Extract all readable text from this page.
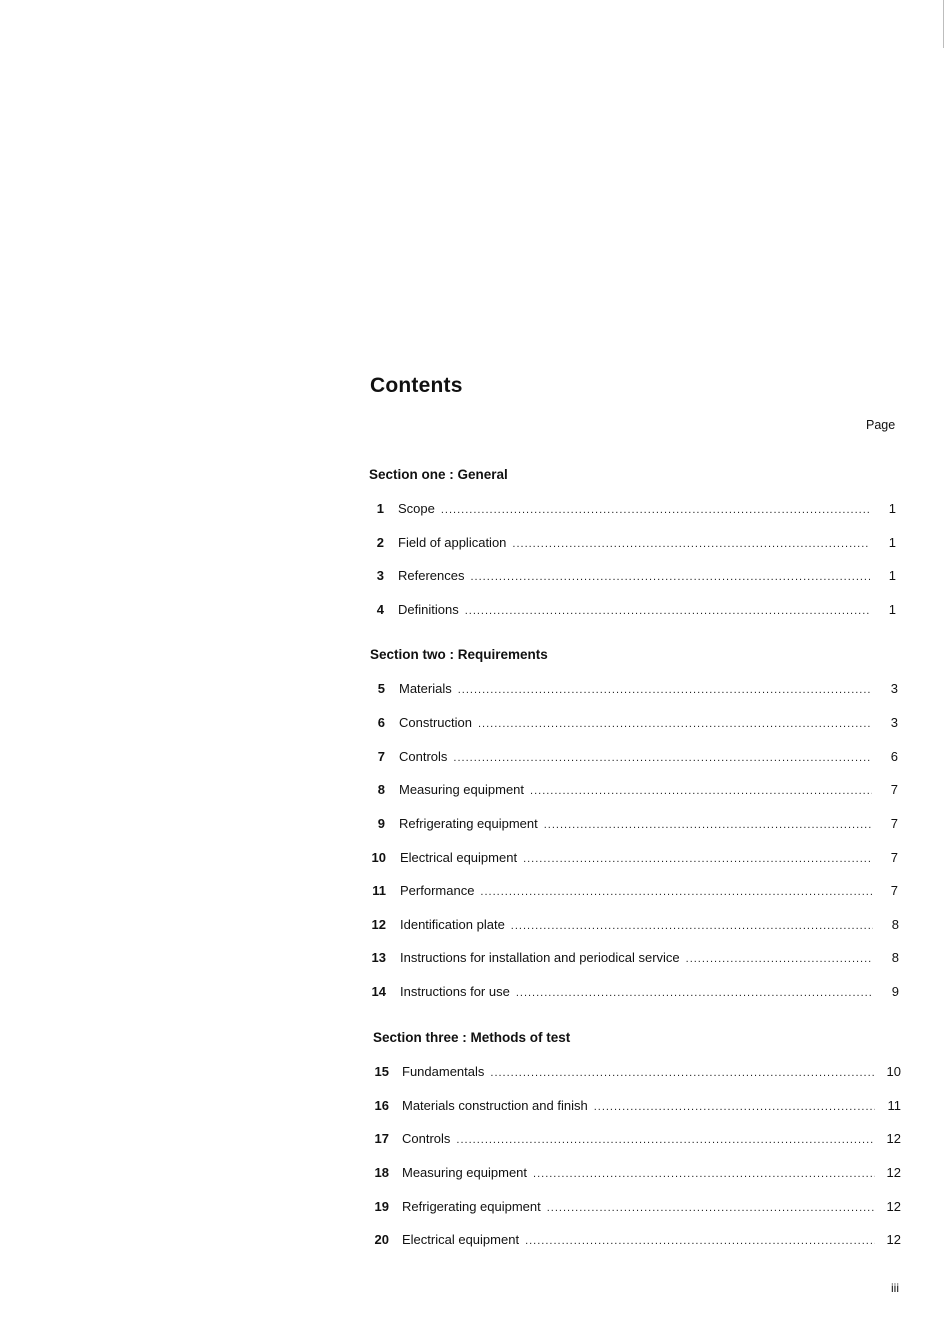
Contents
Page
Section one : General
1 Scope .....	1
2 Field of application .....	1
3 References .....	1
4 Definitions .....	1
Section two : Requirements
5 Materials .....	3
6 Construction .....	3
7 Controls .....	6
8 Measuring equipment .....	7
9 Refrigerating equipment .....	7
10 Electrical equipment .....	7
11 Performance .....	7
12 Identification plate .....	8
13 Instructions for installation and periodical service .....	8
14 Instructions for use .....	9
Section three : Methods of test
15 Fundamentals .....	10
16 Materials construction and finish .....	11
17 Controls .....	12
18 Measuring equipment .....	12
19 Refrigerating equipment .....	12
20 Electrical equipment .....	12
iii
